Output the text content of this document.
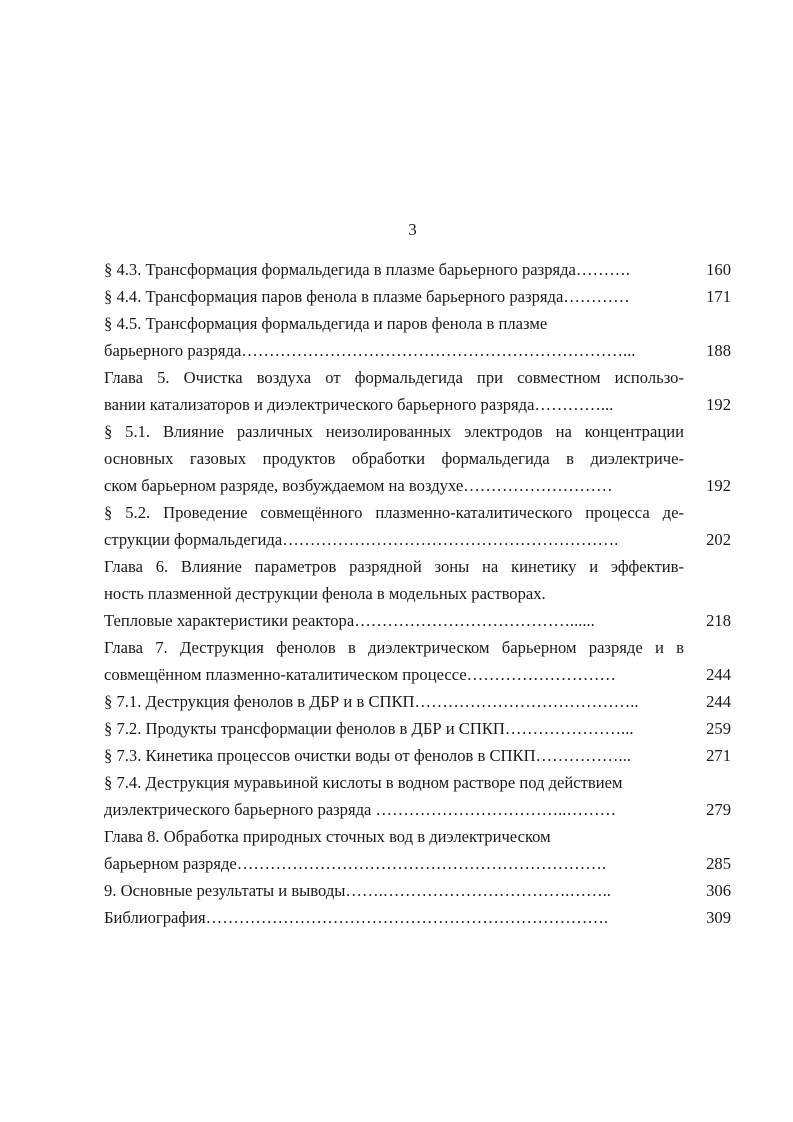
3
§ 4.3. Трансформация формальдегида в плазме барьерного разряда……….	160
§ 4.4. Трансформация паров фенола в плазме барьерного разряда…………	171
§ 4.5. Трансформация формальдегида и паров фенола в плазме
барьерного разряда……………………………………………………………...	188
Глава 5. Очистка воздуха от формальдегида при совместном использо-
вании катализаторов и диэлектрического барьерного разряда…………...	192
§ 5.1. Влияние различных неизолированных электродов на концентрации
основных газовых продуктов обработки формальдегида в диэлектриче-
ском барьерном разряде, возбуждаемом на воздухе………………………	192
§ 5.2. Проведение совмещённого плазменно-каталитического процесса де-
струкции формальдегида…………………………………………………….	202
Глава 6. Влияние параметров разрядной зоны на кинетику и эффектив-
ность плазменной деструкции фенола в модельных растворах.
Тепловые характеристики реактора…………………………………......	218
Глава 7. Деструкция фенолов в диэлектрическом барьерном разряде и в
совмещённом плазменно-каталитическом процессе………………………	244
§ 7.1. Деструкция фенолов в ДБР и в СПКП…………………………………..	244
§ 7.2. Продукты трансформации фенолов в ДБР и СПКП…………………...	259
§ 7.3. Кинетика процессов очистки воды от фенолов в СПКП……………...	271
§ 7.4. Деструкция муравьиной кислоты в водном растворе под действием
диэлектрического барьерного разряда ……………………………..………	279
Глава 8. Обработка природных сточных вод в диэлектрическом
барьерном разряде………………………………………………………….	285
9. Основные результаты и выводы…….…………………………….……..	306
Библиография……………………………………………………………….	309
